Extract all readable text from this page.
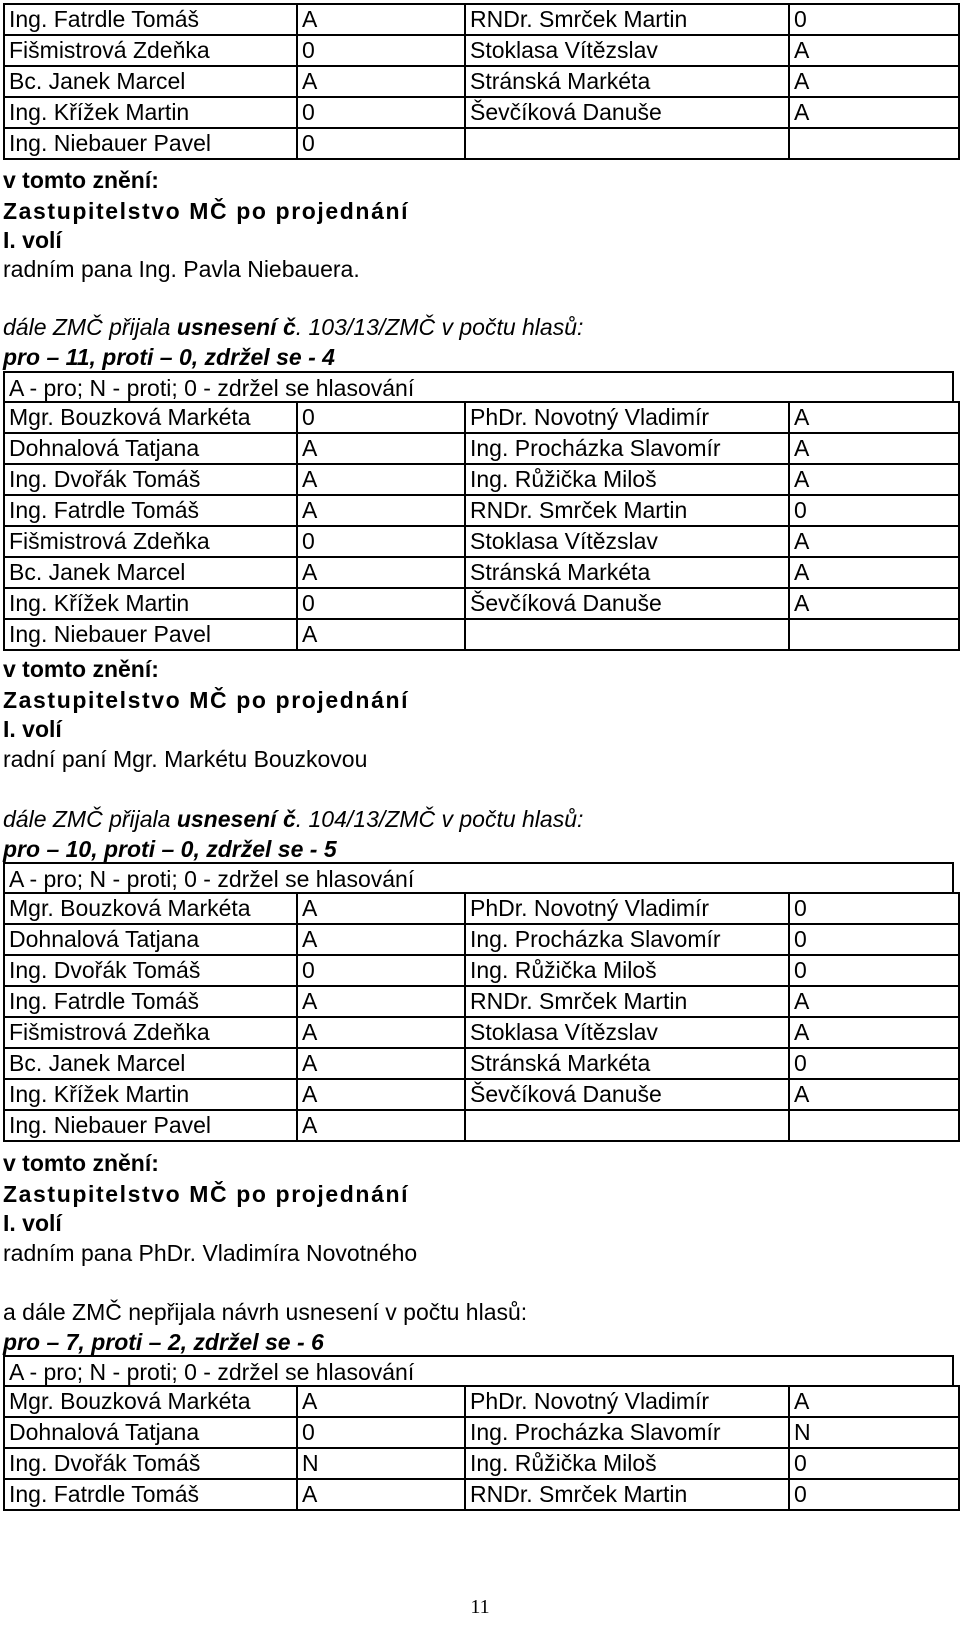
Ing. Fatrdle Tomáš	A	RNDr. Smrček Martin	0
Fišmistrová Zdeňka	0	Stoklasa Vítězslav	A
Bc. Janek Marcel	A	Stránská Markéta	A
Ing. Křížek Martin	0	Ševčíková Danuše	A
Ing. Niebauer Pavel	0		
v tomto znění:
Zastupitelstvo MČ po projednání
I. volí
radním pana Ing. Pavla Niebauera.
dále ZMČ přijala usnesení č. 103/13/ZMČ v počtu hlasů:
pro – 11, proti – 0, zdržel se - 4
A - pro; N - proti; 0 - zdržel se hlasování
Mgr. Bouzková Markéta	0	PhDr. Novotný Vladimír	A
Dohnalová Tatjana	A	Ing. Procházka Slavomír	A
Ing. Dvořák Tomáš	A	Ing. Růžička Miloš	A
Ing. Fatrdle Tomáš	A	RNDr. Smrček Martin	0
Fišmistrová Zdeňka	0	Stoklasa Vítězslav	A
Bc. Janek Marcel	A	Stránská Markéta	A
Ing. Křížek Martin	0	Ševčíková Danuše	A
Ing. Niebauer Pavel	A		
v tomto znění:
Zastupitelstvo MČ po projednání
I. volí
radní paní Mgr. Markétu Bouzkovou
dále ZMČ přijala usnesení č. 104/13/ZMČ v počtu hlasů:
pro – 10, proti – 0, zdržel se - 5
A - pro; N - proti; 0 - zdržel se hlasování
Mgr. Bouzková Markéta	A	PhDr. Novotný Vladimír	0
Dohnalová Tatjana	A	Ing. Procházka Slavomír	0
Ing. Dvořák Tomáš	0	Ing. Růžička Miloš	0
Ing. Fatrdle Tomáš	A	RNDr. Smrček Martin	A
Fišmistrová Zdeňka	A	Stoklasa Vítězslav	A
Bc. Janek Marcel	A	Stránská Markéta	0
Ing. Křížek Martin	A	Ševčíková Danuše	A
Ing. Niebauer Pavel	A		
v tomto znění:
Zastupitelstvo MČ po projednání
I. volí
radním pana PhDr. Vladimíra Novotného
a dále ZMČ nepřijala návrh usnesení v počtu hlasů:
pro – 7, proti – 2, zdržel se - 6
A - pro; N - proti; 0 - zdržel se hlasování
Mgr. Bouzková Markéta	A	PhDr. Novotný Vladimír	A
Dohnalová Tatjana	0	Ing. Procházka Slavomír	N
Ing. Dvořák Tomáš	N	Ing. Růžička Miloš	0
Ing. Fatrdle Tomáš	A	RNDr. Smrček Martin	0
11
